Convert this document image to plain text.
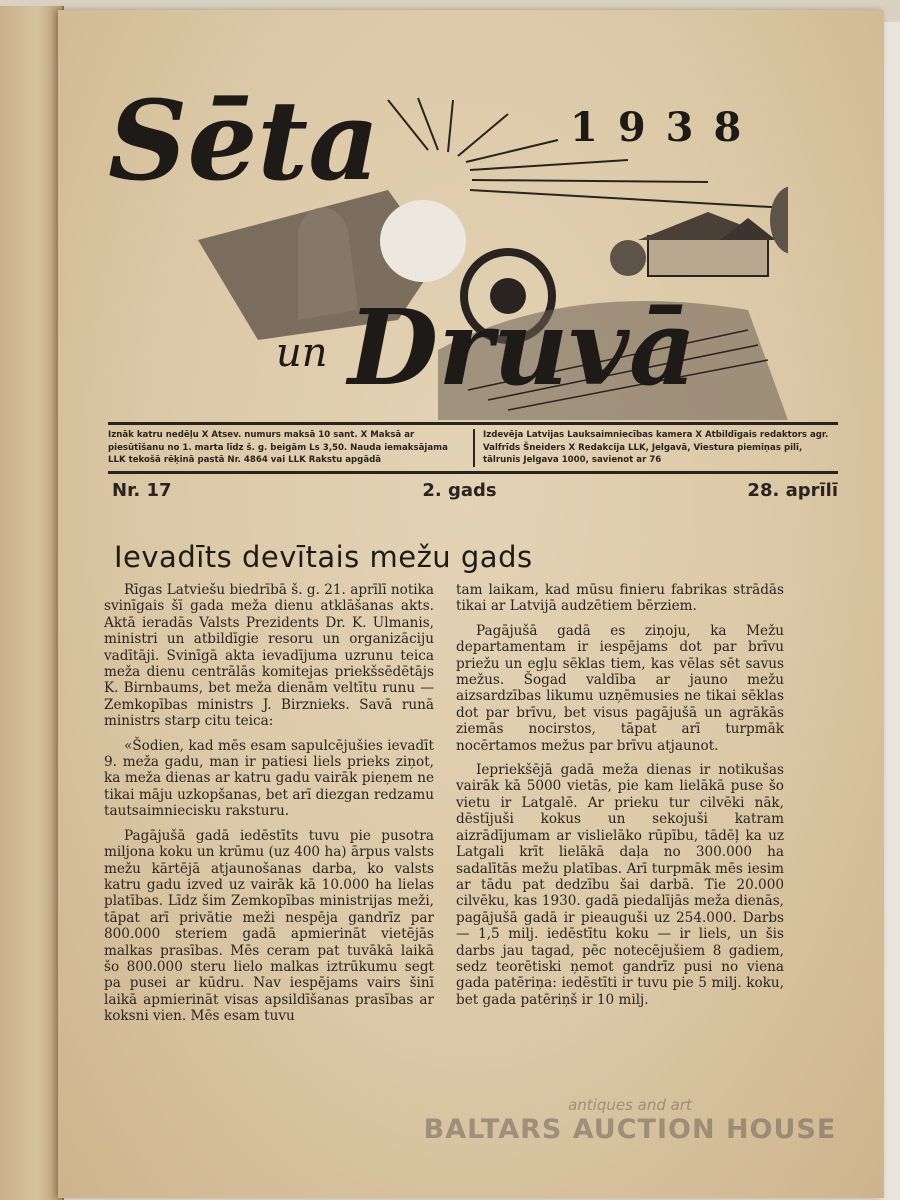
Sēta
un Druvā
1938
Iznāk katru nedēļu X Atsev. numurs maksā 10 sant. X Maksā ar piesūtīšanu no 1. marta līdz š. g. beigām Ls 3,50. Nauda iemaksājama LLK tekošā rēķinā pastā Nr. 4864 vai LLK Rakstu apgādā
Izdevēja Latvijas Lauksaimniecības kamera X Atbildīgais redaktors agr. Valfrīds Šneiders X Redakcija LLK, Jelgavā, Viestura piemiņas pilī, tālrunis Jelgava 1000, savienot ar 76
Nr. 17	2. gads	28. aprīlī
Ievadīts devītais mežu gads

Rīgas Latviešu biedrībā š. g. 21. aprīlī notika svinīgais šī gada meža dienu atklāšanas akts. Aktā ieradās Valsts Prezidents Dr. K. Ulmanis, ministri un atbildīgie resoru un organizāciju vadītāji. Svinīgā akta ievadījuma uzrunu teica meža dienu centrālās komitejas priekšsēdētājs K. Birnbaums, bet meža dienām veltītu runu — Zemkopības ministrs J. Birznieks. Savā runā ministrs starp citu teica:

«Šodien, kad mēs esam sapulcējušies ievadīt 9. meža gadu, man ir patiesi liels prieks ziņot, ka meža dienas ar katru gadu vairāk pieņem ne tikai māju uzkopšanas, bet arī diezgan redzamu tautsaimniecisku raksturu.

Pagājušā gadā iedēstīts tuvu pie pusotra miljona koku un krūmu (uz 400 ha) ārpus valsts mežu kārtējā atjaunošanas darba, ko valsts katru gadu izved uz vairāk kā 10.000 ha lielas platības. Līdz šim Zemkopības ministrijas meži, tāpat arī privātie meži nespēja gandrīz par 800.000 steriem gadā apmierināt vietējās malkas prasības. Mēs ceram pat tuvākā laikā šo 800.000 steru lielo malkas iztrūkumu segt pa pusei ar kūdru. Nav iespējams vairs šinī laikā apmierināt visas apsildīšanas prasības ar koksni vien. Mēs esam tuvu

tam laikam, kad mūsu finieru fabrikas strādās tikai ar Latvijā audzētiem bērziem.

Pagājušā gadā es ziņoju, ka Mežu departamentam ir iespējams dot par brīvu priežu un egļu sēklas tiem, kas vēlas sēt savus mežus. Šogad valdība ar jauno mežu aizsardzības likumu uzņēmusies ne tikai sēklas dot par brīvu, bet visus pagājušā un agrākās ziemās nocirstos, tāpat arī turpmāk nocērtamos mežus par brīvu atjaunot.

Iepriekšējā gadā meža dienas ir notikušas vairāk kā 5000 vietās, pie kam lielākā puse šo vietu ir Latgalē. Ar prieku tur cilvēki nāk, dēstījuši kokus un sekojuši katram aizrādījumam ar vislielāko rūpību, tādēļ ka uz Latgali krīt lielākā daļa no 300.000 ha sadalītās mežu platības. Arī turpmāk mēs iesim ar tādu pat dedzību šai darbā. Tie 20.000 cilvēku, kas 1930. gadā piedalījās meža dienās, pagājušā gadā ir pieauguši uz 254.000. Darbs — 1,5 milj. iedēstītu koku — ir liels, un šis darbs jau tagad, pēc notecējušiem 8 gadiem, sedz teorētiski ņemot gandrīz pusi no viena gada patēriņa: iedēstīti ir tuvu pie 5 milj. koku, bet gada patēriņš ir 10 milj.

antiques and art
BALTARS AUCTION HOUSE
